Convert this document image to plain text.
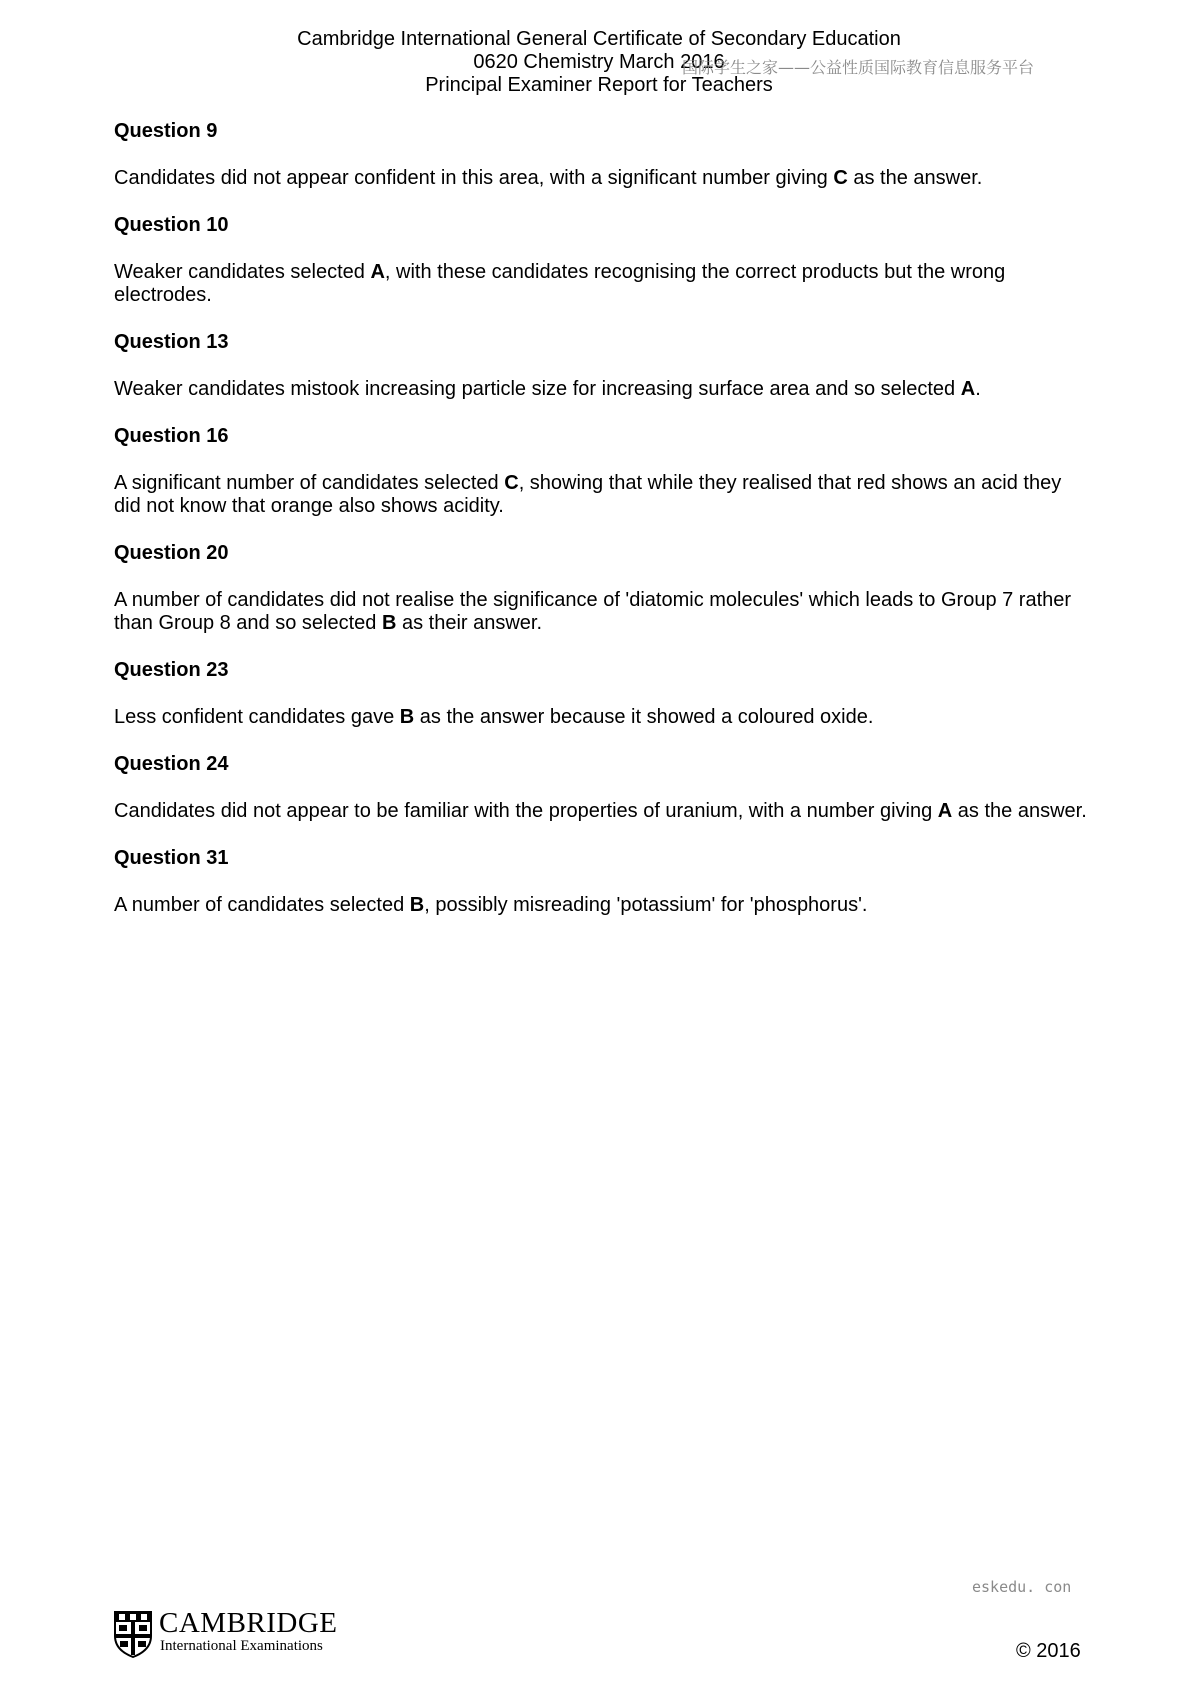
Cambridge International General Certificate of Secondary Education
0620 Chemistry March 2016
Principal Examiner Report for Teachers
国际学生之家——公益性质国际教育信息服务平台
Question 9
Candidates did not appear confident in this area, with a significant number giving C as the answer.
Question 10
Weaker candidates selected A, with these candidates recognising the correct products but the wrong electrodes.
Question 13
Weaker candidates mistook increasing particle size for increasing surface area and so selected A.
Question 16
A significant number of candidates selected C, showing that while they realised that red shows an acid they did not know that orange also shows acidity.
Question 20
A number of candidates did not realise the significance of 'diatomic molecules' which leads to Group 7 rather than Group 8 and so selected B as their answer.
Question 23
Less confident candidates gave B as the answer because it showed a coloured oxide.
Question 24
Candidates did not appear to be familiar with the properties of uranium, with a number giving A as the answer.
Question 31
A number of candidates selected B, possibly misreading 'potassium' for 'phosphorus'.
eskedu. con
CAMBRIDGE
International Examinations	© 2016
